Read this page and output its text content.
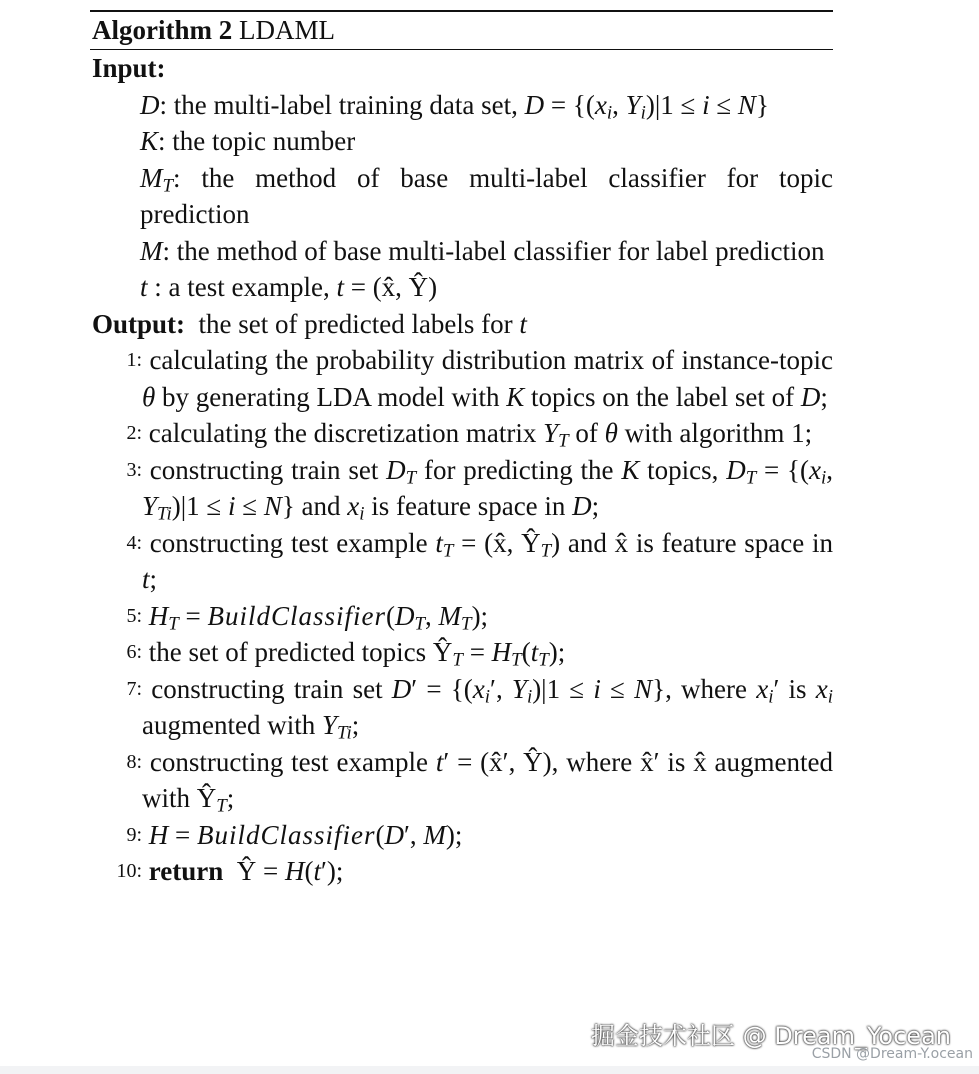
Algorithm 2 LDAML
Input:
D: the multi-label training data set, $D = \{(x_i$, $Y_i)|1 \le i \le N$}
K: the topic number
$M_T$: the method of base multi-label classifier for topic prediction
M: the method of base multi-label classifier for label prediction
t : a test example, t = (x̂, Ŷ)
Output: the set of predicted labels for t
1: calculating the probability distribution matrix of instance-topic θ by generating LDA model with K topics on the label set of D;
2: calculating the discretization matrix $Y_T$ of θ with algorithm 1;
3: constructing train set $D_T$ for predicting the K topics, $D_T = \{(x_i$, $Y_{Ti})|1 \le i \le N$} and $x_i$ is feature space in D;
4: constructing test example $t_T$ = (x̂, $Ŷ_T$) and x̂ is feature space in t;
5: $H_T$ = $BuildClassifier(D_T$, $M_T$);
6: the set of predicted topics $Ŷ_T = H_T(t_T)$;
7: constructing train set $D' = \{(x_i'$, $Y_i)|1 \le i \le N$}, where $x_i'$ is $x_i$ augmented with $Y_{Ti}$;
8: constructing test example t′ = (x̂′, Ŷ), where x̂′ is x̂ augmented with $Ŷ_T$;
9: H = BuildClassifier(D′, M);
10: return  Ŷ = H(t′);
掘金技术社区 @ Dream_Yocean
CSDN @Dream-Y.ocean
